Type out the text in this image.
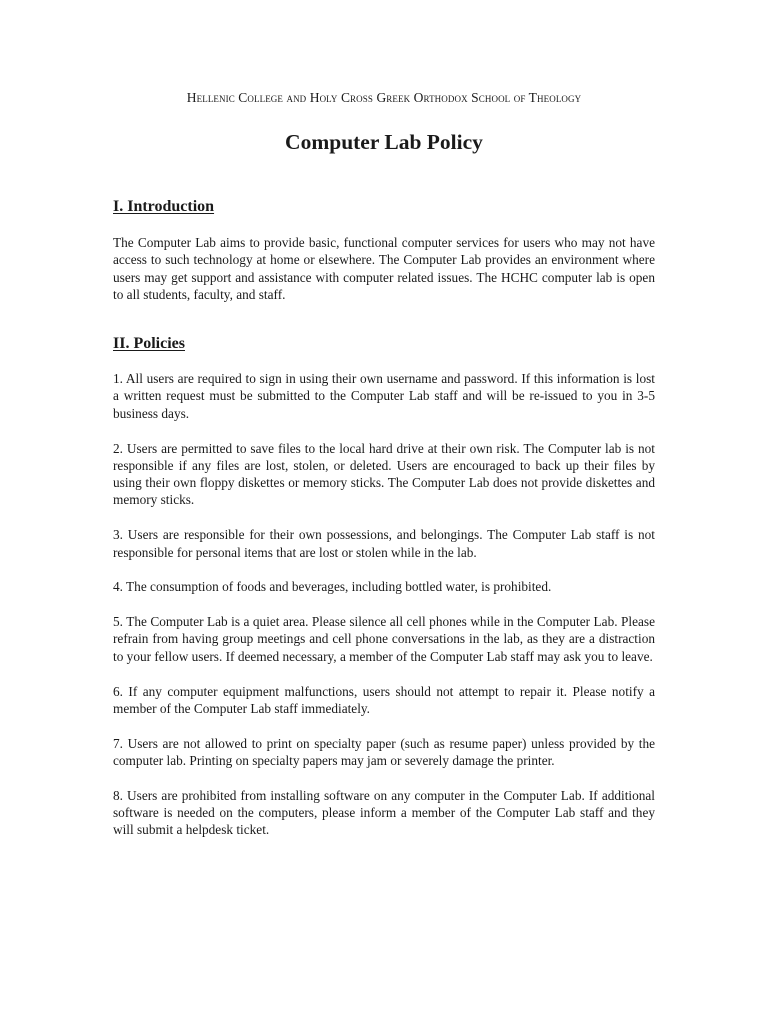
Hellenic College and Holy Cross Greek Orthodox School of Theology

Computer Lab Policy
I. Introduction

The Computer Lab aims to provide basic, functional computer services for users who may not have access to such technology at home or elsewhere. The Computer Lab provides an environment where users may get support and assistance with computer related issues. The HCHC computer lab is open to all students, faculty, and staff.

II. Policies

1. All users are required to sign in using their own username and password. If this information is lost a written request must be submitted to the Computer Lab staff and will be re-issued to you in 3-5 business days.

2. Users are permitted to save files to the local hard drive at their own risk. The Computer lab is not responsible if any files are lost, stolen, or deleted. Users are encouraged to back up their files by using their own floppy diskettes or memory sticks. The Computer Lab does not provide diskettes and memory sticks.

3. Users are responsible for their own possessions, and belongings. The Computer Lab staff is not responsible for personal items that are lost or stolen while in the lab.

4. The consumption of foods and beverages, including bottled water, is prohibited.

5. The Computer Lab is a quiet area. Please silence all cell phones while in the Computer Lab. Please refrain from having group meetings and cell phone conversations in the lab, as they are a distraction to your fellow users. If deemed necessary, a member of the Computer Lab staff may ask you to leave.

6. If any computer equipment malfunctions, users should not attempt to repair it. Please notify a member of the Computer Lab staff immediately.

7. Users are not allowed to print on specialty paper (such as resume paper) unless provided by the computer lab. Printing on specialty papers may jam or severely damage the printer.

8. Users are prohibited from installing software on any computer in the Computer Lab. If additional software is needed on the computers, please inform a member of the Computer Lab staff and they will submit a helpdesk ticket.
